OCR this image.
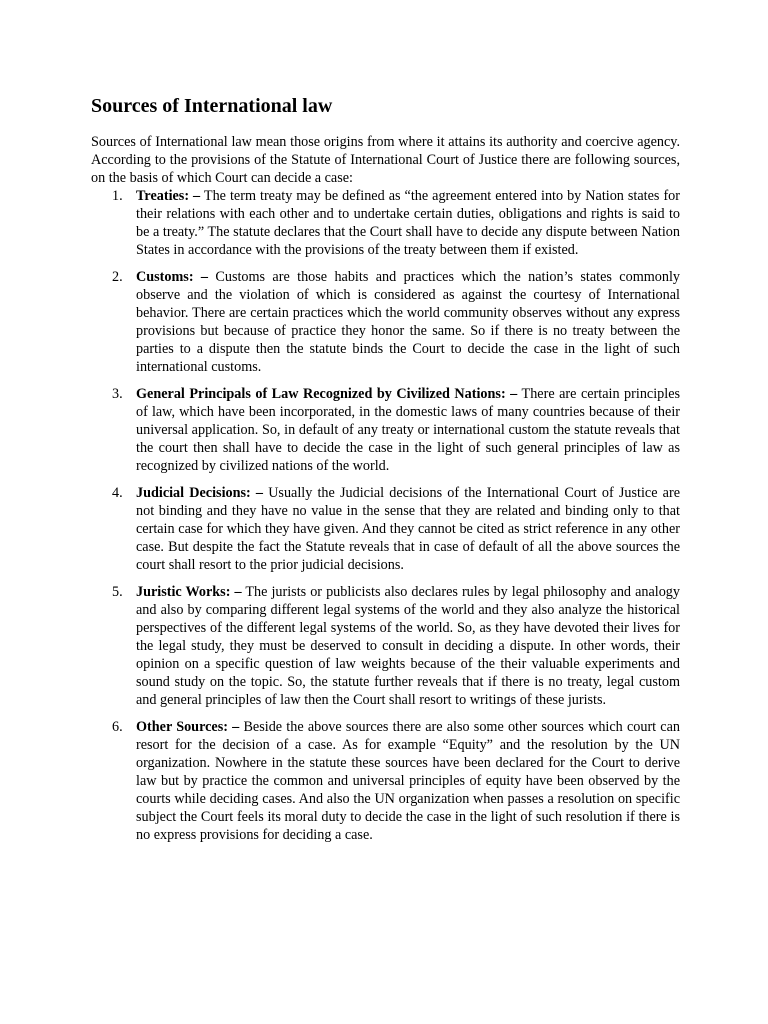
Sources of International law

Sources of International law mean those origins from where it attains its authority and coercive agency. According to the provisions of the Statute of International Court of Justice there are following sources, on the basis of which Court can decide a case:

1. Treaties: – The term treaty may be defined as “the agreement entered into by Nation states for their relations with each other and to undertake certain duties, obligations and rights is said to be a treaty.” The statute declares that the Court shall have to decide any dispute between Nation States in accordance with the provisions of the treaty between them if existed.
2. Customs: – Customs are those habits and practices which the nation’s states commonly observe and the violation of which is considered as against the courtesy of International behavior. There are certain practices which the world community observes without any express provisions but because of practice they honor the same. So if there is no treaty between the parties to a dispute then the statute binds the Court to decide the case in the light of such international customs.
3. General Principals of Law Recognized by Civilized Nations: – There are certain principles of law, which have been incorporated, in the domestic laws of many countries because of their universal application. So, in default of any treaty or international custom the statute reveals that the court then shall have to decide the case in the light of such general principles of law as recognized by civilized nations of the world.
4. Judicial Decisions: – Usually the Judicial decisions of the International Court of Justice are not binding and they have no value in the sense that they are related and binding only to that certain case for which they have given. And they cannot be cited as strict reference in any other case. But despite the fact the Statute reveals that in case of default of all the above sources the court shall resort to the prior judicial decisions.
5. Juristic Works: – The jurists or publicists also declares rules by legal philosophy and analogy and also by comparing different legal systems of the world and they also analyze the historical perspectives of the different legal systems of the world. So, as they have devoted their lives for the legal study, they must be deserved to consult in deciding a dispute. In other words, their opinion on a specific question of law weights because of the their valuable experiments and sound study on the topic. So, the statute further reveals that if there is no treaty, legal custom and general principles of law then the Court shall resort to writings of these jurists.
6. Other Sources: – Beside the above sources there are also some other sources which court can resort for the decision of a case. As for example “Equity” and the resolution by the UN organization. Nowhere in the statute these sources have been declared for the Court to derive law but by practice the common and universal principles of equity have been observed by the courts while deciding cases. And also the UN organization when passes a resolution on specific subject the Court feels its moral duty to decide the case in the light of such resolution if there is no express provisions for deciding a case.
